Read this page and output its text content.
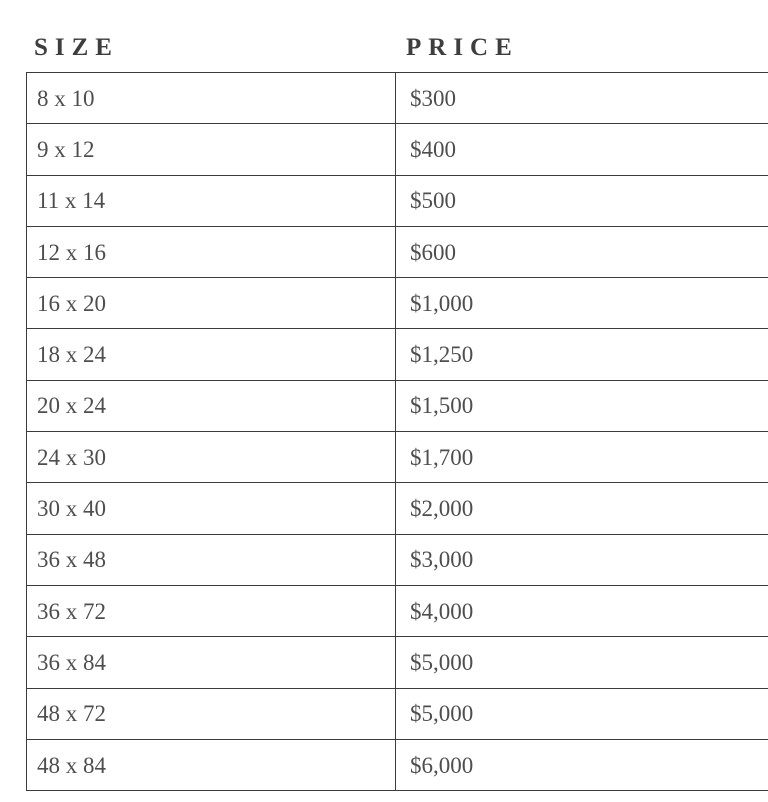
SIZE	PRICE
8 x 10	$300

9 x 12	$400

11 x 14	$500

12 x 16	$600

16 x 20	$1,000

18 x 24	$1,250

20 x 24	$1,500

24 x 30	$1,700

30 x 40	$2,000

36 x 48	$3,000

36 x 72	$4,000

36 x 84	$5,000

48 x 72	$5,000

48 x 84	$6,000
